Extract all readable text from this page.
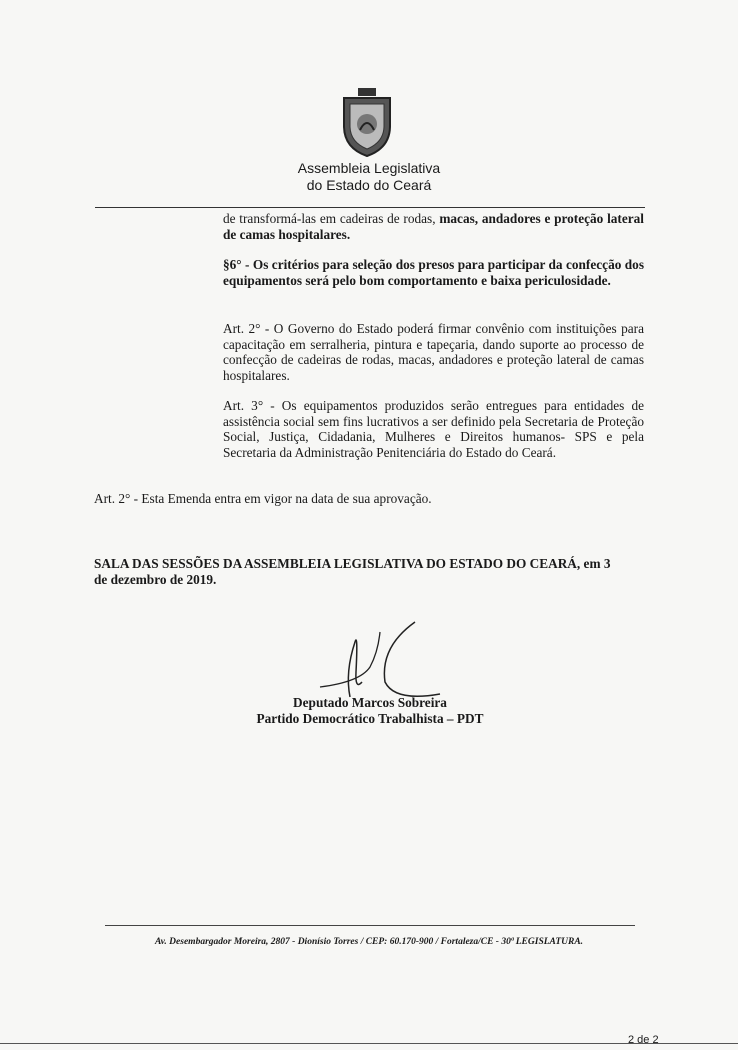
Assembleia Legislativa
do Estado do Ceará
de transformá-las em cadeiras de rodas, macas, andadores e proteção lateral de camas hospitalares.
§6° - Os critérios para seleção dos presos para participar da confecção dos equipamentos será pelo bom comportamento e baixa periculosidade.
Art. 2° - O Governo do Estado poderá firmar convênio com instituições para capacitação em serralheria, pintura e tapeçaria, dando suporte ao processo de confecção de cadeiras de rodas, macas, andadores e proteção lateral de camas hospitalares.
Art. 3° - Os equipamentos produzidos serão entregues para entidades de assistência social sem fins lucrativos a ser definido pela Secretaria de Proteção Social, Justiça, Cidadania, Mulheres e Direitos humanos- SPS e pela Secretaria da Administração Penitenciária do Estado do Ceará.
Art. 2° - Esta Emenda entra em vigor na data de sua aprovação.
SALA DAS SESSÕES DA ASSEMBLEIA LEGISLATIVA DO ESTADO DO CEARÁ, em 3 de dezembro de 2019.
Deputado Marcos Sobreira
Partido Democrático Trabalhista – PDT
Av. Desembargador Moreira, 2807 - Dionísio Torres / CEP: 60.170-900 / Fortaleza/CE - 30ª LEGISLATURA.
2 de 2
